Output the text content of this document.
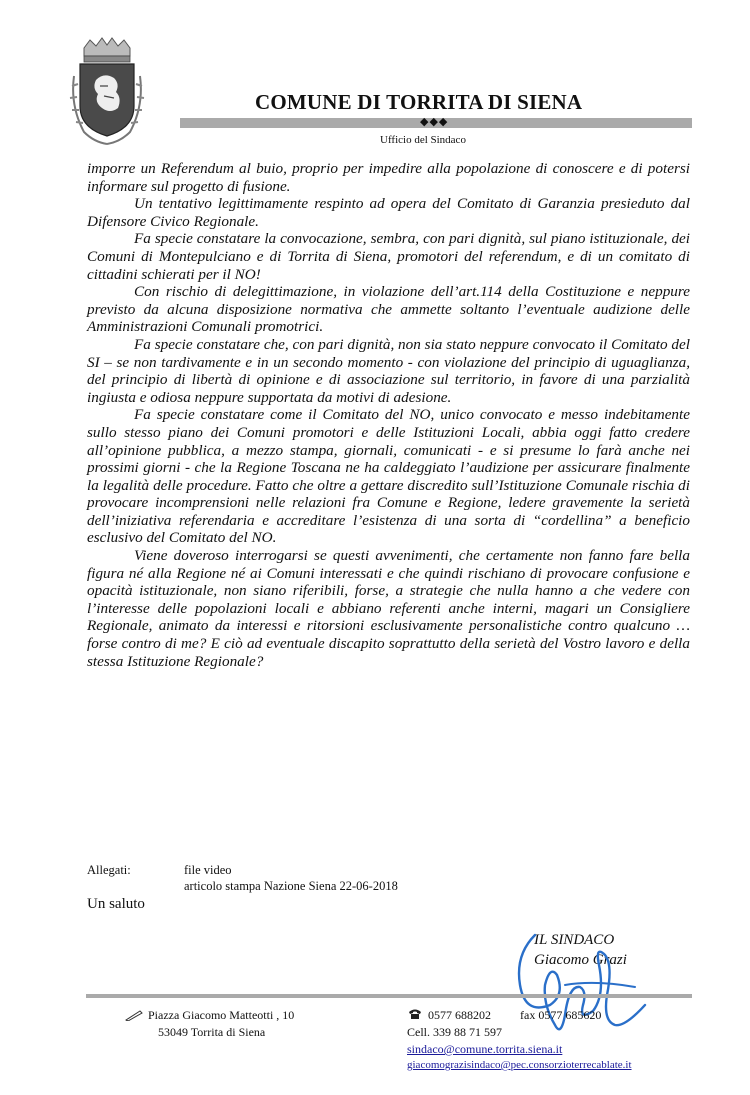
COMUNE DI TORRITA DI SIENA
◆◆◆
Ufficio del Sindaco

imporre un Referendum al buio, proprio per impedire alla popolazione di conoscere e di potersi informare sul progetto di fusione.

Un tentativo legittimamente respinto ad opera del Comitato di Garanzia presieduto dal Difensore Civico Regionale.

Fa specie constatare la convocazione, sembra, con pari dignità, sul piano istituzionale, dei Comuni di Montepulciano e di Torrita di Siena, promotori del referendum, e di un comitato di cittadini schierati per il NO!

Con rischio di delegittimazione, in violazione dell’art.114 della Costituzione e neppure previsto da alcuna disposizione normativa che ammette soltanto l’eventuale audizione delle Amministrazioni Comunali promotrici.

Fa specie constatare che, con pari dignità, non sia stato neppure convocato il Comitato del SI – se non tardivamente e in un secondo momento - con violazione del principio di uguaglianza, del principio di libertà di opinione e di associazione sul territorio, in favore di una parzialità ingiusta e odiosa neppure supportata da motivi di adesione.

Fa specie constatare come il Comitato del NO, unico convocato e messo indebitamente sullo stesso piano dei Comuni promotori e delle Istituzioni Locali, abbia oggi fatto credere all’opinione pubblica, a mezzo stampa, giornali, comunicati - e si presume lo farà anche nei prossimi giorni - che la Regione Toscana ne ha caldeggiato l’audizione per assicurare finalmente la legalità delle procedure. Fatto che oltre a gettare discredito sull’Istituzione Comunale rischia di provocare incomprensioni nelle relazioni fra Comune e Regione, ledere gravemente la serietà dell’iniziativa referendaria e accreditare l’esistenza di una sorta di “cordellina” a beneficio esclusivo del Comitato del NO.

Viene doveroso interrogarsi se questi avvenimenti, che certamente non fanno fare bella figura né alla Regione né ai Comuni interessati e che quindi rischiano di provocare confusione e opacità istituzionale, non siano riferibili, forse, a strategie che nulla hanno a che vedere con l’interesse delle popolazioni locali e abbiano referenti anche interni, magari un Consigliere Regionale, animato da interessi e ritorsioni esclusivamente personalistiche contro qualcuno … forse contro di me? E ciò ad eventuale discapito soprattutto della serietà del Vostro lavoro e della stessa Istituzione Regionale?

Allegati:	file video
articolo stampa Nazione Siena 22-06-2018
Un saluto
IL SINDACO
Giacomo Grazi
Piazza Giacomo Matteotti , 10
53049 Torrita di Siena
0577 688202 fax 0577 685620
Cell. 339 88 71 597
sindaco@comune.torrita.siena.it
giacomograzisindaco@pec.consorzioterrecablate.it
